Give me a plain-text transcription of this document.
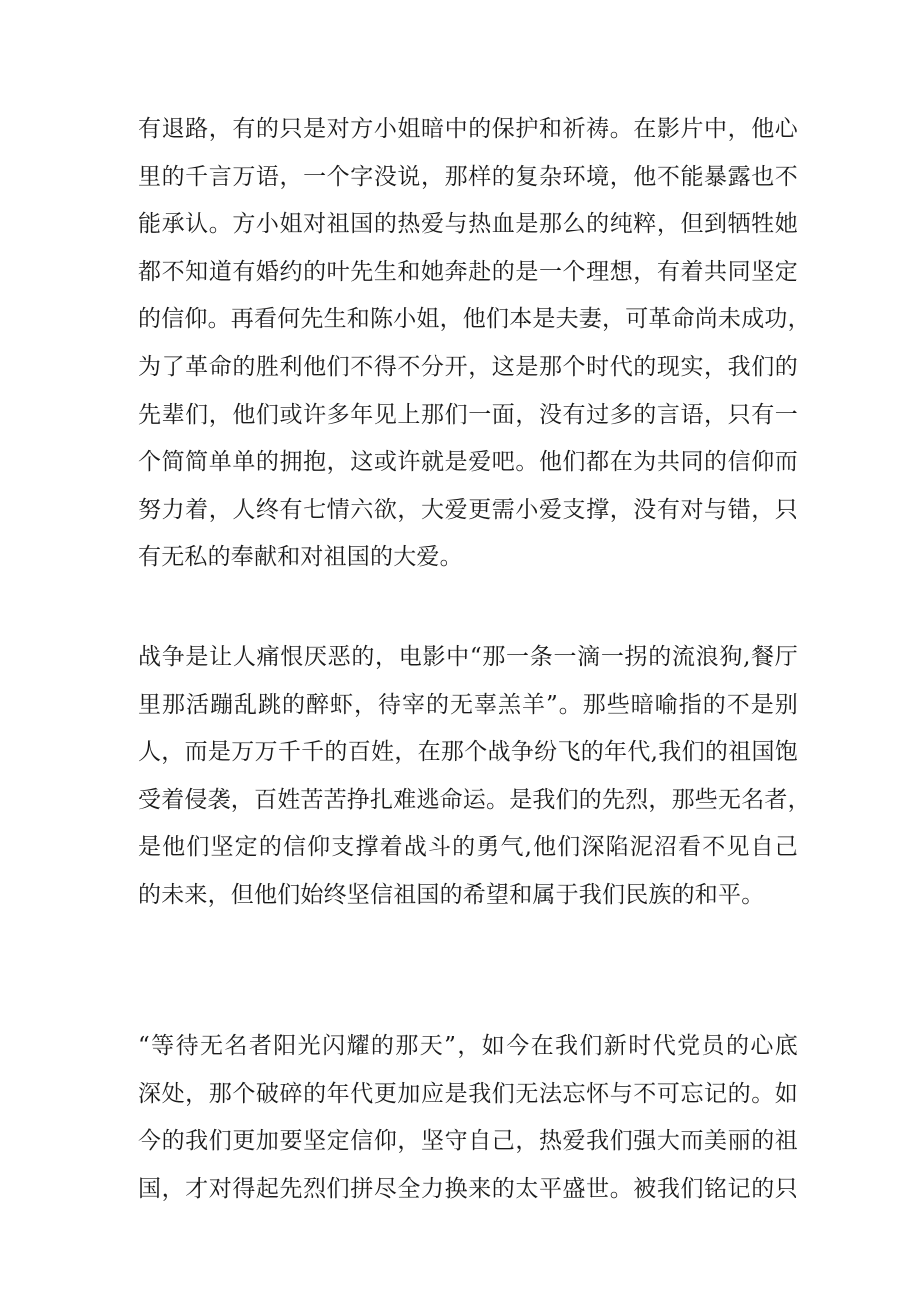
有退路，有的只是对方小姐暗中的保护和祈祷。在影片中，他心
里的千言万语，一个字没说，那样的复杂环境，他不能暴露也不
能承认。方小姐对祖国的热爱与热血是那么的纯粹，但到牺牲她
都不知道有婚约的叶先生和她奔赴的是一个理想，有着共同坚定
的信仰。再看何先生和陈小姐，他们本是夫妻，可革命尚未成功，
为了革命的胜利他们不得不分开，这是那个时代的现实，我们的
先辈们，他们或许多年见上那们一面，没有过多的言语，只有一
个简简单单的拥抱，这或许就是爱吧。他们都在为共同的信仰而
努力着，人终有七情六欲，大爱更需小爱支撑，没有对与错，只
有无私的奉献和对祖国的大爱。
战争是让人痛恨厌恶的，电影中“那一条一滴一拐的流浪狗,餐厅
里那活蹦乱跳的醉虾，待宰的无辜羔羊”。那些暗喻指的不是别
人，而是万万千千的百姓，在那个战争纷飞的年代,我们的祖国饱
受着侵袭，百姓苦苦挣扎难逃命运。是我们的先烈，那些无名者，
是他们坚定的信仰支撑着战斗的勇气,他们深陷泥沼看不见自己
的未来，但他们始终坚信祖国的希望和属于我们民族的和平。
“等待无名者阳光闪耀的那天”，如今在我们新时代党员的心底
深处，那个破碎的年代更加应是我们无法忘怀与不可忘记的。如
今的我们更加要坚定信仰，坚守自己，热爱我们强大而美丽的祖
国，才对得起先烈们拼尽全力换来的太平盛世。被我们铭记的只
